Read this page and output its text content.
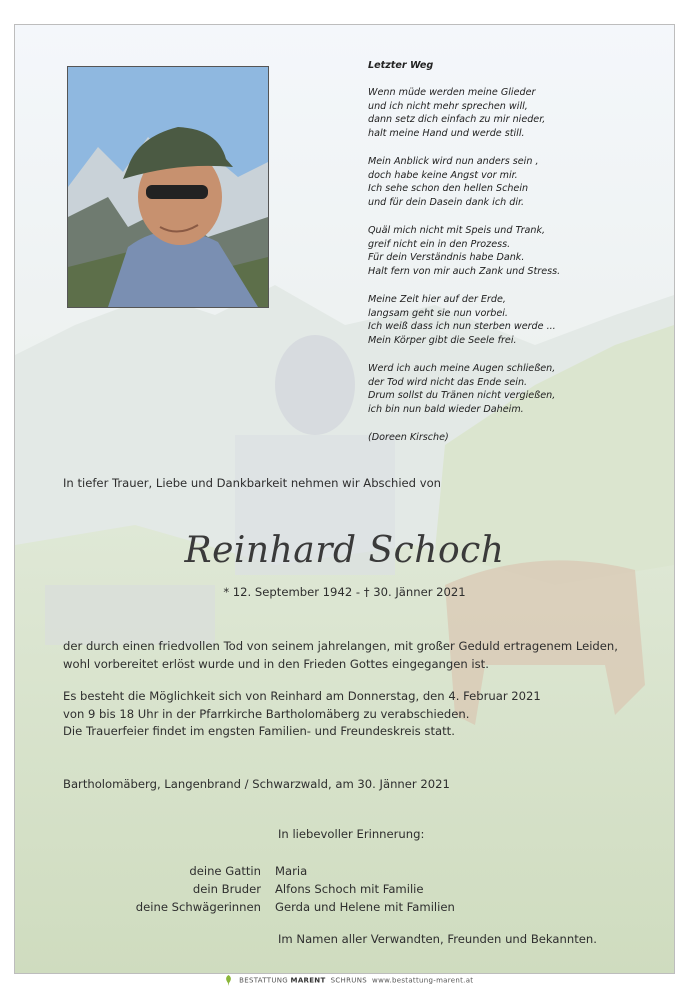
Letzter Weg
Wenn müde werden meine Glieder
und ich nicht mehr sprechen will,
dann setz dich einfach zu mir nieder,
halt meine Hand und werde still.
Mein Anblick wird nun anders sein ,
doch habe keine Angst vor mir.
Ich sehe schon den hellen Schein
und für dein Dasein dank ich dir.
Quäl mich nicht mit Speis und Trank,
greif nicht ein in den Prozess.
Für dein Verständnis habe Dank.
Halt fern von mir auch Zank und Stress.
Meine Zeit hier auf der Erde,
langsam geht sie nun vorbei.
Ich weiß dass ich nun sterben werde ...
Mein Körper gibt die Seele frei.
Werd ich auch meine Augen schließen,
der Tod wird nicht das Ende sein.
Drum sollst du Tränen nicht vergießen,
ich bin nun bald wieder Daheim.
(Doreen Kirsche)
In tiefer Trauer, Liebe und Dankbarkeit nehmen wir Abschied von
Reinhard Schoch
* 12. September 1942 - † 30. Jänner 2021
der durch einen friedvollen Tod von seinem jahrelangen, mit großer Geduld ertragenem Leiden,
wohl vorbereitet erlöst wurde und in den Frieden Gottes eingegangen ist.
Es besteht die Möglichkeit sich von Reinhard am Donnerstag, den 4. Februar 2021
von 9 bis 18 Uhr in der Pfarrkirche Bartholomäberg zu verabschieden.
Die Trauerfeier findet im engsten Familien- und Freundeskreis statt.
Bartholomäberg, Langenbrand / Schwarzwald, am 30. Jänner 2021
In liebevoller Erinnerung:
deine Gattin	Maria
dein Bruder	Alfons Schoch mit Familie
deine Schwägerinnen	Gerda und Helene mit Familien
Im Namen aller Verwandten, Freunden und Bekannten.
BESTATTUNG MARENT SCHRUNS www.bestattung-marent.at
